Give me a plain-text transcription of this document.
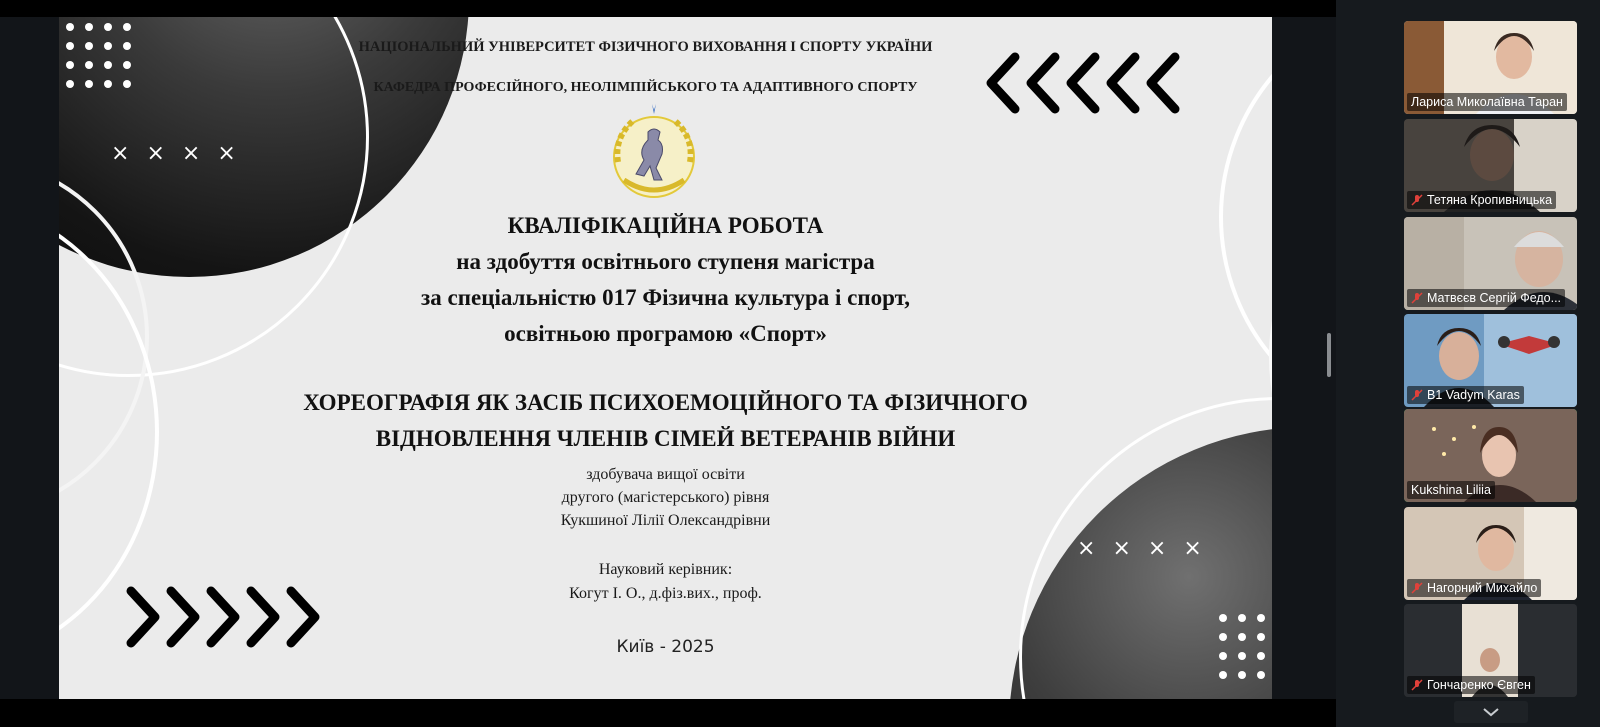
× × × ×
× × × ×
НАЦІОНАЛЬНИЙ УНІВЕРСИТЕТ ФІЗИЧНОГО ВИХОВАННЯ І СПОРТУ УКРАЇНИ
КАФЕДРА ПРОФЕСІЙНОГО, НЕОЛІМПІЙСЬКОГО ТА АДАПТИВНОГО СПОРТУ
КВАЛІФІКАЦІЙНА РОБОТА
на здобуття освітнього ступеня магістра
за спеціальністю 017 Фізична культура і спорт,
освітньою програмою «Спорт»
ХОРЕОГРАФІЯ ЯК ЗАСІБ ПСИХОЕМОЦІЙНОГО ТА ФІЗИЧНОГО
ВІДНОВЛЕННЯ ЧЛЕНІВ СІМЕЙ ВЕТЕРАНІВ ВІЙНИ
здобувача вищої освіти
другого (магістерського) рівня
Кукшиної Лілії Олександрівни
Науковий керівник:
Когут І. О., д.фіз.вих., проф.
Київ - 2025
Лариса Миколаївна Таран
Тетяна Кропивницька
Матвєєв Сергій Федо...
B1 Vadym Karas
Kukshina Liliia
Нагорний Михайло
Гончаренко Євген
